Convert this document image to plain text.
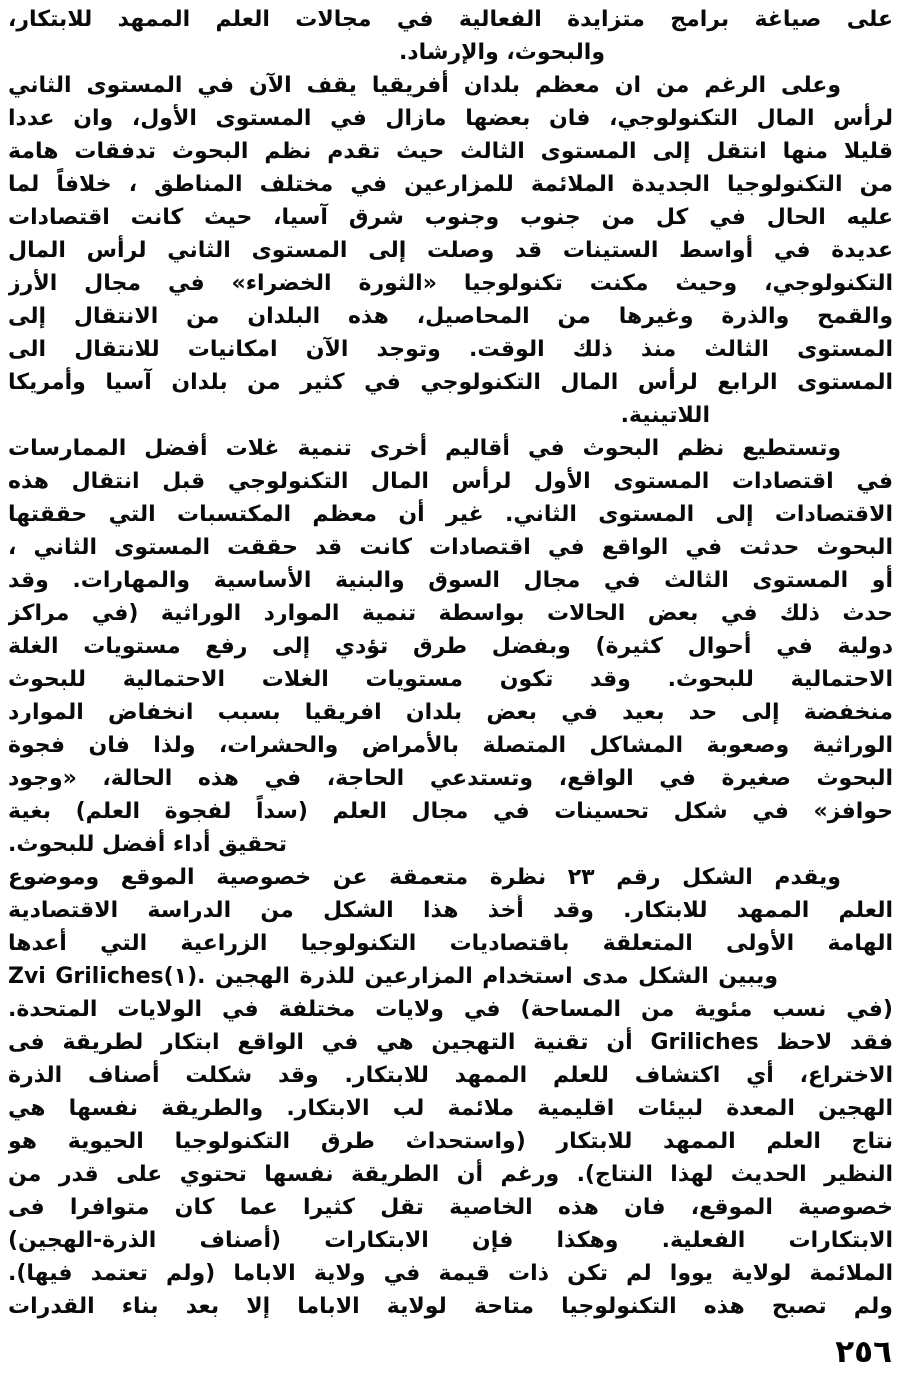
على صياغة برامج متزايدة الفعالية في مجالات العلم الممهد للابتكار،
والبحوث، والإرشاد.
وعلى الرغم من ان معظم بلدان أفريقيا يقف الآن في المستوى الثاني
لرأس المال التكنولوجي، فان بعضها مازال في المستوى الأول، وان عددا
قليلا منها انتقل إلى المستوى الثالث حيث تقدم نظم البحوث تدفقات هامة
من التكنولوجيا الجديدة الملائمة للمزارعين في مختلف المناطق ، خلافاً لما
عليه الحال في كل من جنوب وجنوب شرق آسيا، حيث كانت اقتصادات
عديدة في أواسط الستينات قد وصلت إلى المستوى الثاني لرأس المال
التكنولوجي، وحيث مكنت تكنولوجيا «الثورة الخضراء» في مجال الأرز
والقمح والذرة وغيرها من المحاصيل، هذه البلدان من الانتقال إلى
المستوى الثالث منذ ذلك الوقت. وتوجد الآن امكانيات للانتقال الى
المستوى الرابع لرأس المال التكنولوجي في كثير من بلدان آسيا وأمريكا
اللاتينية.
وتستطيع نظم البحوث في أقاليم أخرى تنمية غلات أفضل الممارسات
في اقتصادات المستوى الأول لرأس المال التكنولوجي قبل انتقال هذه
الاقتصادات إلى المستوى الثاني. غير أن معظم المكتسبات التي حققتها
البحوث حدثت في الواقع في اقتصادات كانت قد حققت المستوى الثاني ،
أو المستوى الثالث في مجال السوق والبنية الأساسية والمهارات. وقد
حدث ذلك في بعض الحالات بواسطة تنمية الموارد الوراثية (في مراكز
دولية في أحوال كثيرة) وبفضل طرق تؤدي إلى رفع مستويات الغلة
الاحتمالية للبحوث. وقد تكون مستويات الغلات الاحتمالية للبحوث
منخفضة إلى حد بعيد في بعض بلدان افريقيا بسبب انخفاض الموارد
الوراثية وصعوبة المشاكل المتصلة بالأمراض والحشرات، ولذا فان فجوة
البحوث صغيرة في الواقع، وتستدعي الحاجة، في هذه الحالة، «وجود
حوافز» في شكل تحسينات في مجال العلم (سداً لفجوة العلم) بغية
تحقيق أداء أفضل للبحوث.
ويقدم الشكل رقم ٢٣ نظرة متعمقة عن خصوصية الموقع وموضوع
العلم الممهد للابتكار. وقد أُخذ هذا الشكل من الدراسة الاقتصادية
الهامة الأولى المتعلقة باقتصاديات التكنولوجيا الزراعية التي أعدها
Zvi Griliches(١). ويبين الشكل مدى استخدام المزارعين للذرة الهجين
(في نسب مئوية من المساحة) في ولايات مختلفة في الولايات المتحدة.
فقد لاحظ Griliches أن تقنية التهجين هي في الواقع ابتكار لطريقة فى
الاختراع، أي اكتشاف للعلم الممهد للابتكار. وقد شكلت أصناف الذرة
الهجين المعدة لبيئات اقليمية ملائمة لب الابتكار. والطريقة نفسها هي
نتاج العلم الممهد للابتكار (واستحداث طرق التكنولوجيا الحيوية هو
النظير الحديث لهذا النتاج). ورغم أن الطريقة نفسها تحتوي على قدر من
خصوصية الموقع، فان هذه الخاصية تقل كثيرا عما كان متوافرا فى
الابتكارات الفعلية. وهكذا فإن الابتكارات (أصناف الذرة-الهجين)
الملائمة لولاية يووا لم تكن ذات قيمة في ولاية الاباما (ولم تعتمد فيها).
ولم تصبح هذه التكنولوجيا متاحة لولاية الاباما إلا بعد بناء القدرات
٢٥٦
